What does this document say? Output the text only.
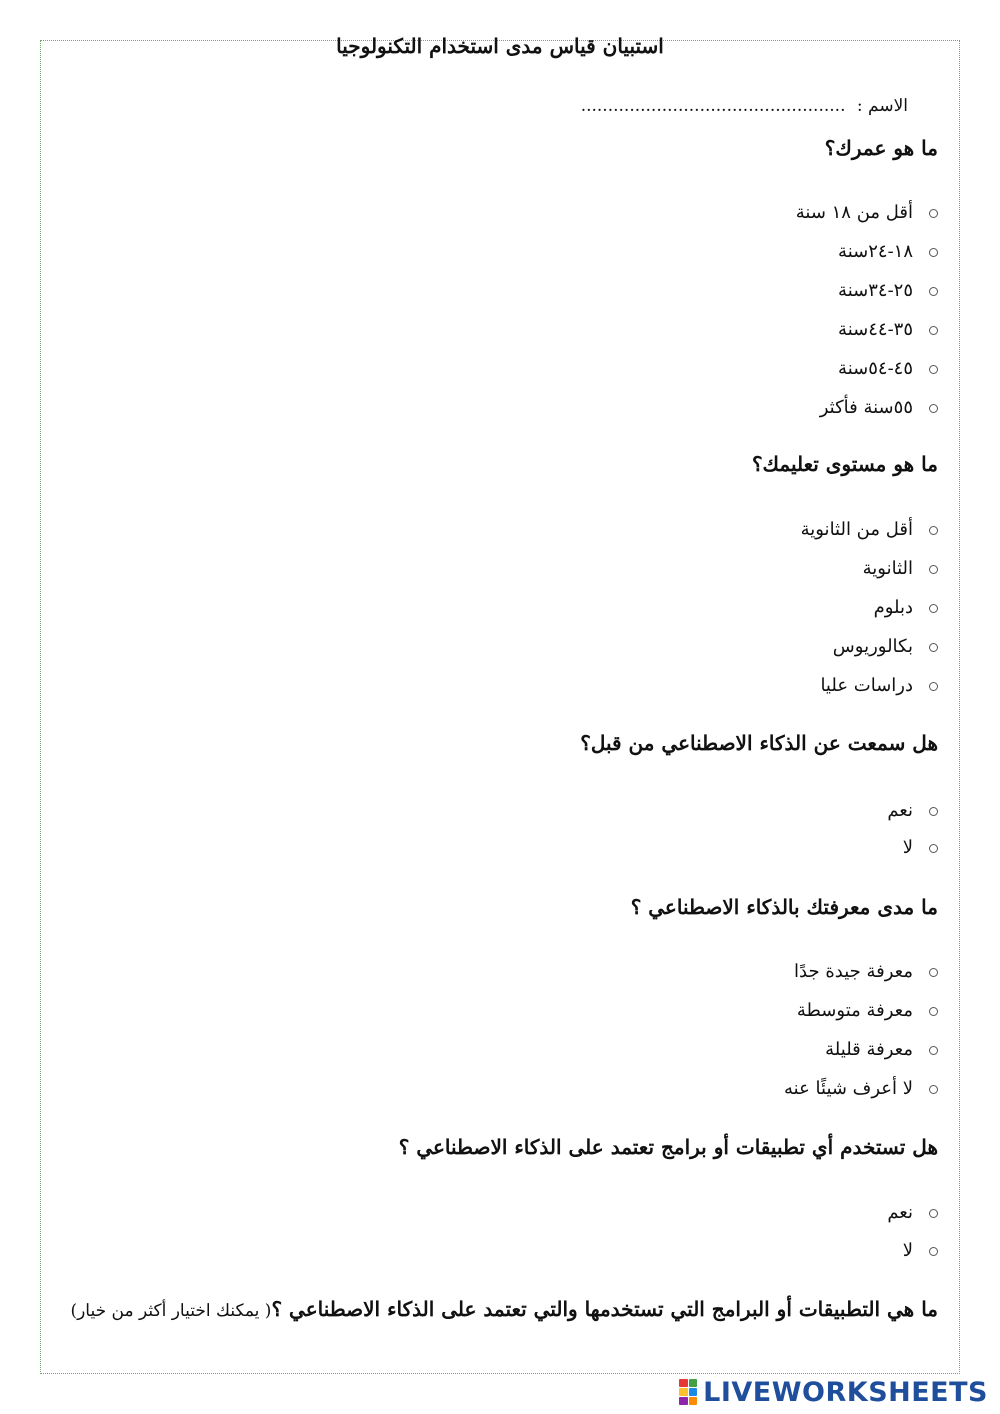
استبيان قياس مدى استخدام التكنولوجيا
الاسم : .................................................
ما هو عمرك؟
أقل من ١٨ سنة
١٨-٢٤سنة
٢٥-٣٤سنة
٣٥-٤٤سنة
٤٥-٥٤سنة
٥٥سنة فأكثر
ما هو مستوى تعليمك؟
أقل من الثانوية
الثانوية
دبلوم
بكالوريوس
دراسات عليا
هل سمعت عن الذكاء الاصطناعي من قبل؟
نعم
لا
ما مدى معرفتك بالذكاء الاصطناعي ؟
معرفة جيدة جدًا
معرفة متوسطة
معرفة قليلة
لا أعرف شيئًا عنه
هل تستخدم أي تطبيقات أو برامج تعتمد على الذكاء الاصطناعي ؟
نعم
لا
ما هي التطبيقات أو البرامج التي تستخدمها والتي تعتمد على الذكاء الاصطناعي ؟( يمكنك اختيار أكثر من خيار)
LIVEWORKSHEETS
